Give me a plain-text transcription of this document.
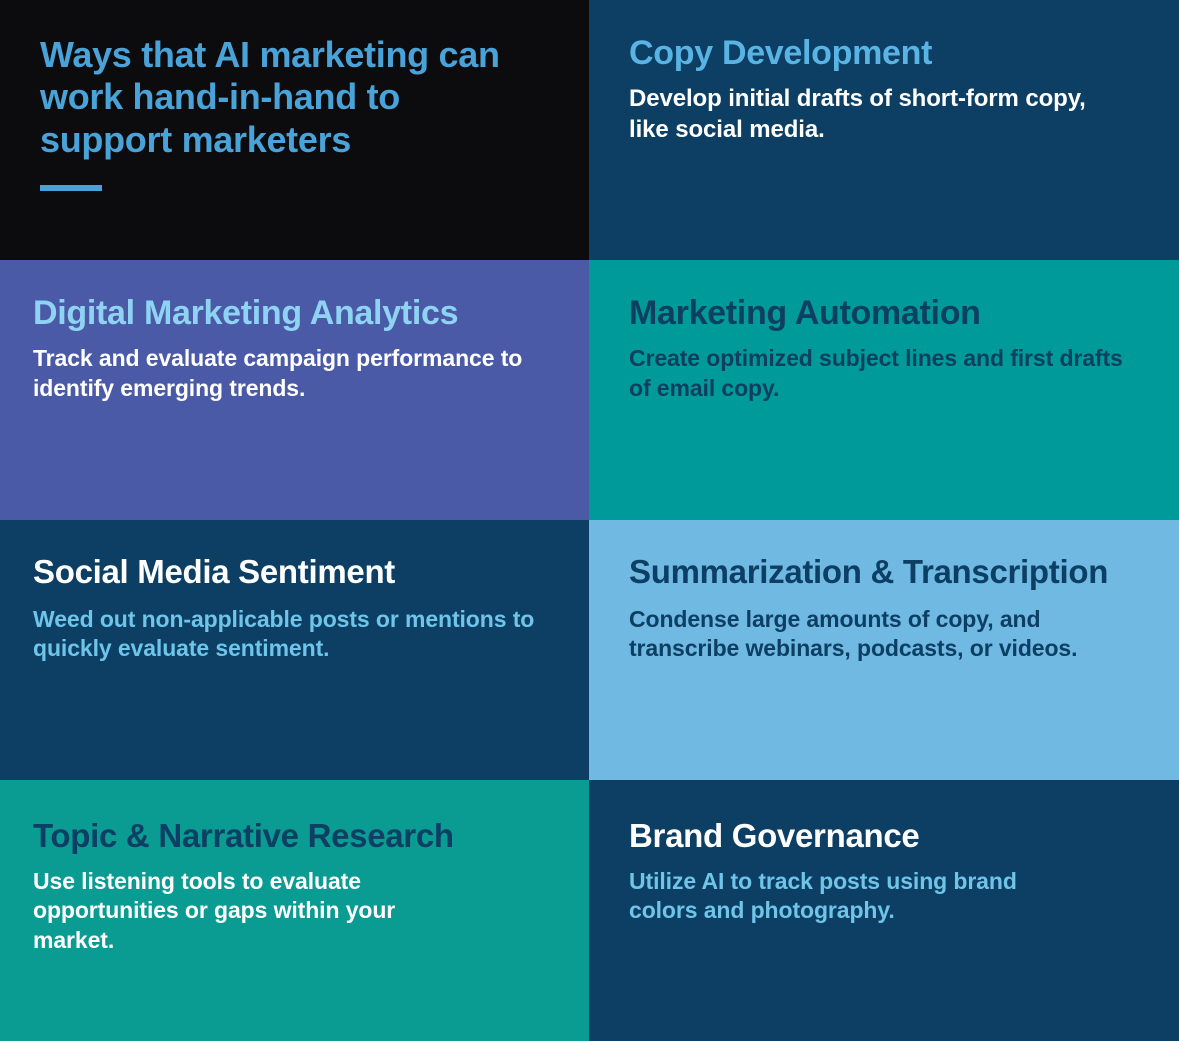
Ways that AI marketing can work hand-in-hand to support marketers
Copy Development
Develop initial drafts of short-form copy, like social media.
Digital Marketing Analytics
Track and evaluate campaign performance to identify emerging trends.
Marketing Automation
Create optimized subject lines and first drafts of email copy.
Social Media Sentiment
Weed out non-applicable posts or mentions to quickly evaluate sentiment.
Summarization & Transcription
Condense large amounts of copy, and transcribe webinars, podcasts, or videos.
Topic & Narrative Research
Use listening tools to evaluate opportunities or gaps within your market.
Brand Governance
Utilize AI to track posts using brand colors and photography.
